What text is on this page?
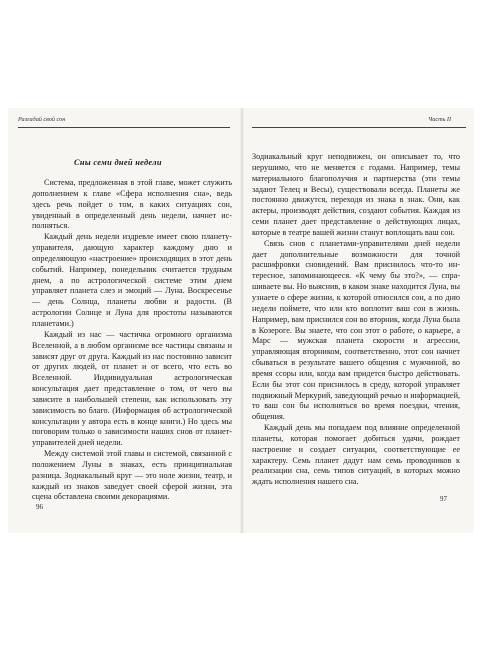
Разгадай свой сон
Сны семи дней недели

Система, предложенная в этой главе, может служить дополнением к главе «Сфера исполнения сна», ведь здесь речь пойдет о том, в каких ситуациях сон, увиденный в определенный день недели, начнет исполняться.

Каждый день недели издревле имеет свою планету-управителя, дающую характер каждому дню и определяющую «настроение» происходящих в этот день событий. Например, понедельник считается трудным днем, а по астрологической системе этим днем управляет планета слез и эмоций — Луна. Воскресенье — день Солнца, планеты любви и радости. (В астрологии Солнце и Луна для простоты называются планетами.)

Каждый из нас — частичка огромного организма Вселенной, а в любом организме все частицы связаны и зависят друг от друга. Каждый из нас постоянно зависит от других людей, от планет и от всего, что есть во Вселенной. Индивидуальная астрологическая консультация дает представление о том, от чего вы зависите в наибольшей степени, как использовать эту зависимость во благо. (Информация об астрологической консультации у автора есть в конце книги.) Но здесь мы поговорим только о зависимости наших снов от планет-управителей дней недели.

Между системой этой главы и системой, связанной с положением Луны в знаках, есть принципиальная разница. Зодиакальный круг — это ноле жизни, театр, и каждый из знаков заведует своей сферой жизни, эта сцена обставлена своими декорациями.

96
Часть II

Зодиакальный круг неподвижен, он описывает то, что нерушимо, что не меняется с годами. Например, темы материального благополучия и партнерства (эти темы задают Телец и Весы), существовали всегда. Планеты же постоянно движутся, переходя из знака в знак. Они, как актеры, производят действия, создают события. Каждая из семи планет дает представление о действующих лицах, которые в театре вашей жизни станут воплощать ваш сон.

Связь снов с планетами-управителями дней недели дает дополнительные возможности для точной расшифровки сновидений. Вам приснилось что-то интересное, запоминающееся. «К чему бы это?», — спрашиваете вы. Но выяснив, в каком знаке находится Луна, вы узнаете о сфере жизни, к которой относился сон, а по дню недели поймете, что или кто воплотит ваш сон в жизнь. Например, вам приснился сон во вторник, когда Луна была в Козероге. Вы знаете, что сон этот о работе, о карьере, а Марс — мужская планета скорости и агрессии, управляющая вторником, соответственно, этот сон начнет сбываться в результате вашего общения с мужчиной, во время ссоры или, когда вам придется быстро действовать. Если бы этот сон приснилось в среду, которой управляет подвижный Меркурий, заведующий речью и информацией, то ваш сон бы исполняться во время поездки, чтения, общения.

Каждый день мы попадаем под влияние определенной планеты, которая помогает добиться удачи, рождает настроение и создает ситуации, соответствующие ее характеру. Семь планет дадут нам семь проводников к реализации сна, семь типов ситуаций, в которых можно ждать исполнения нашего сна.

97
